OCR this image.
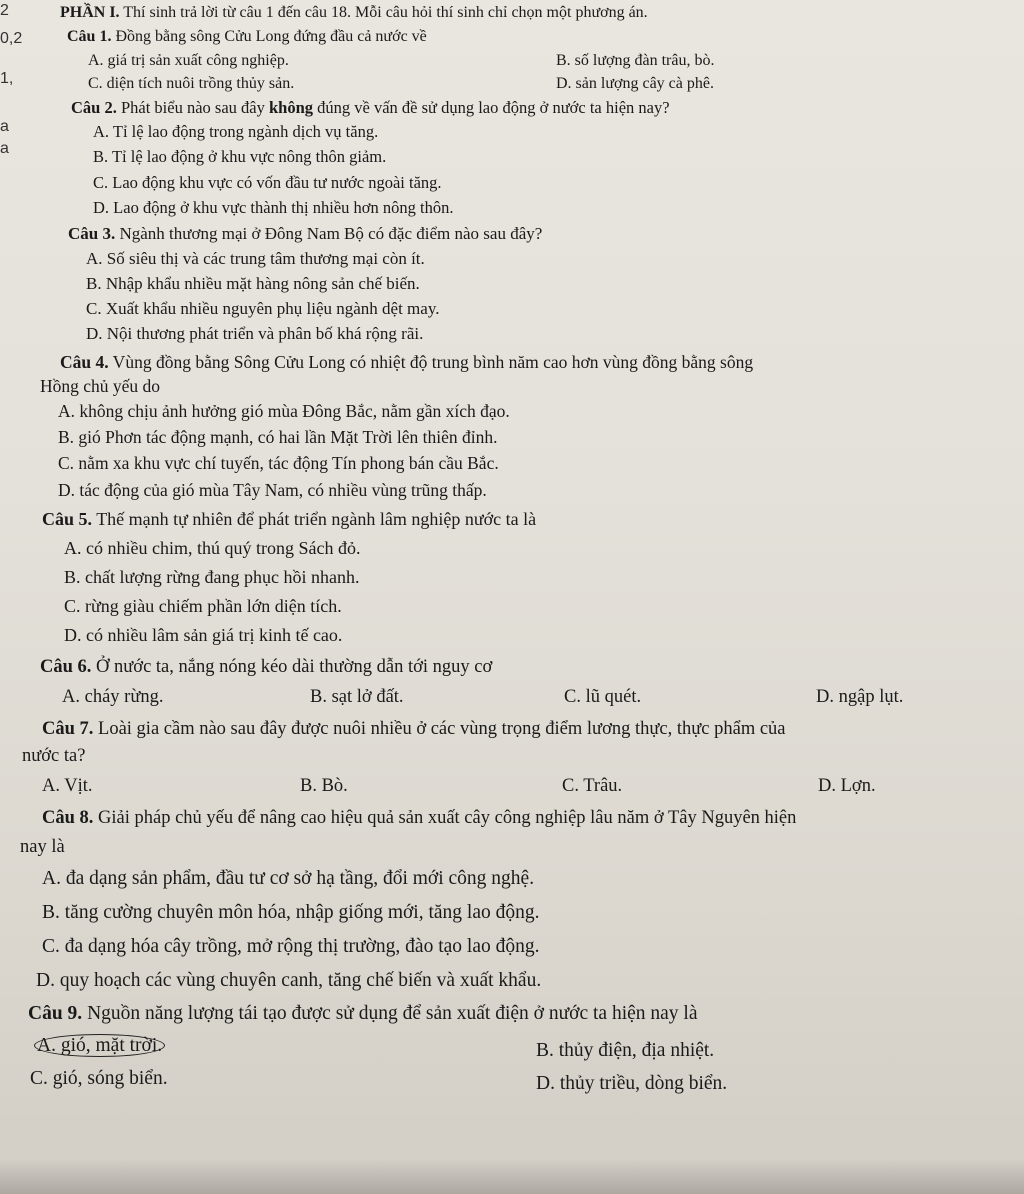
2
0,2
1,
a
a
PHẦN I. Thí sinh trả lời từ câu 1 đến câu 18. Mỗi câu hỏi thí sinh chỉ chọn một phương án.
Câu 1. Đồng bằng sông Cửu Long đứng đầu cả nước về
A. giá trị sản xuất công nghiệp.	B. số lượng đàn trâu, bò.
C. diện tích nuôi trồng thủy sản.	D. sản lượng cây cà phê.
Câu 2. Phát biểu nào sau đây không đúng về vấn đề sử dụng lao động ở nước ta hiện nay?
A. Tỉ lệ lao động trong ngành dịch vụ tăng.
B. Tỉ lệ lao động ở khu vực nông thôn giảm.
C. Lao động khu vực có vốn đầu tư nước ngoài tăng.
D. Lao động ở khu vực thành thị nhiều hơn nông thôn.
Câu 3. Ngành thương mại ở Đông Nam Bộ có đặc điểm nào sau đây?
A. Số siêu thị và các trung tâm thương mại còn ít.
B. Nhập khẩu nhiều mặt hàng nông sản chế biến.
C. Xuất khẩu nhiều nguyên phụ liệu ngành dệt may.
D. Nội thương phát triển và phân bố khá rộng rãi.
Câu 4. Vùng đồng bằng Sông Cửu Long có nhiệt độ trung bình năm cao hơn vùng đồng bằng sông
Hồng chủ yếu do
A. không chịu ảnh hưởng gió mùa Đông Bắc, nằm gần xích đạo.
B. gió Phơn tác động mạnh, có hai lần Mặt Trời lên thiên đỉnh.
C. nằm xa khu vực chí tuyến, tác động Tín phong bán cầu Bắc.
D. tác động của gió mùa Tây Nam, có nhiều vùng trũng thấp.
Câu 5. Thế mạnh tự nhiên để phát triển ngành lâm nghiệp nước ta là
A. có nhiều chim, thú quý trong Sách đỏ.
B. chất lượng rừng đang phục hồi nhanh.
C. rừng giàu chiếm phần lớn diện tích.
D. có nhiều lâm sản giá trị kinh tế cao.
Câu 6. Ở nước ta, nắng nóng kéo dài thường dẫn tới nguy cơ
A. cháy rừng.	B. sạt lở đất.	C. lũ quét.	D. ngập lụt.
Câu 7. Loài gia cầm nào sau đây được nuôi nhiều ở các vùng trọng điểm lương thực, thực phẩm của
nước ta?
A. Vịt.	B. Bò.	C. Trâu.	D. Lợn.
Câu 8. Giải pháp chủ yếu để nâng cao hiệu quả sản xuất cây công nghiệp lâu năm ở Tây Nguyên hiện
nay là
A. đa dạng sản phẩm, đầu tư cơ sở hạ tầng, đổi mới công nghệ.
B. tăng cường chuyên môn hóa, nhập giống mới, tăng lao động.
C. đa dạng hóa cây trồng, mở rộng thị trường, đào tạo lao động.
D. quy hoạch các vùng chuyên canh, tăng chế biến và xuất khẩu.
Câu 9. Nguồn năng lượng tái tạo được sử dụng để sản xuất điện ở nước ta hiện nay là
A. gió, mặt trời.	B. thủy điện, địa nhiệt.
C. gió, sóng biển.	D. thủy triều, dòng biển.
